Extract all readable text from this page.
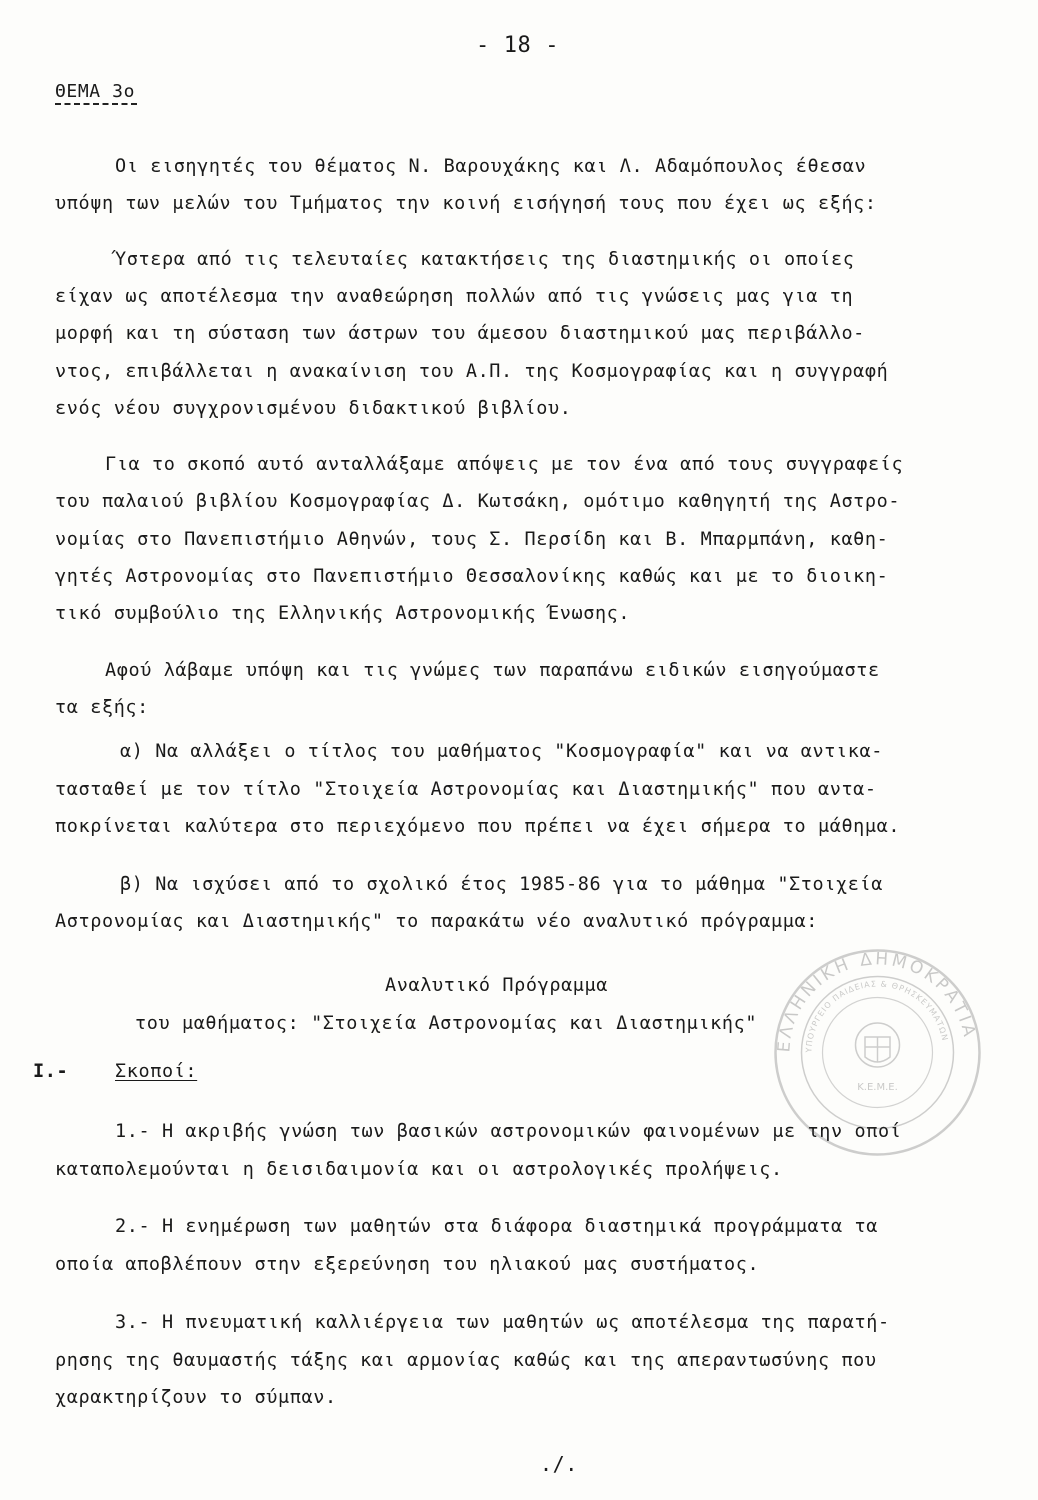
- 18 -
ΘΕΜΑ 3ο
Οι εισηγητές του θέματος Ν. Βαρουχάκης και Λ. Αδαμόπουλος έθεσαν
υπόψη των μελών του Τμήματος την κοινή εισήγησή τους που έχει ως εξής:
Ύστερα από τις τελευταίες κατακτήσεις της διαστημικής οι οποίες
είχαν ως αποτέλεσμα την αναθεώρηση πολλών από τις γνώσεις μας για τη
μορφή και τη σύσταση των άστρων του άμεσου διαστημικού μας περιβάλλο-
ντος, επιβάλλεται η ανακαίνιση του Α.Π. της Κοσμογραφίας και η συγγραφή
ενός νέου συγχρονισμένου διδακτικού βιβλίου.
Για το σκοπό αυτό ανταλλάξαμε απόψεις με τον ένα από τους συγγραφείς
του παλαιού βιβλίου Κοσμογραφίας Δ. Κωτσάκη, ομότιμο καθηγητή της Αστρο-
νομίας στο Πανεπιστήμιο Αθηνών, τους Σ. Περσίδη και Β. Μπαρμπάνη, καθη-
γητές Αστρονομίας στο Πανεπιστήμιο Θεσσαλονίκης καθώς και με το διοικη-
τικό συμβούλιο της Ελληνικής Αστρονομικής Ένωσης.
Αφού λάβαμε υπόψη και τις γνώμες των παραπάνω ειδικών εισηγούμαστε
τα εξής:
α) Να αλλάξει ο τίτλος του μαθήματος "Κοσμογραφία" και να αντικα-
τασταθεί με τον τίτλο "Στοιχεία Αστρονομίας και Διαστημικής" που αντα-
ποκρίνεται καλύτερα στο περιεχόμενο που πρέπει να έχει σήμερα το μάθημα.
β) Να ισχύσει από το σχολικό έτος 1985-86 για το μάθημα "Στοιχεία
Αστρονομίας και Διαστημικής" το παρακάτω νέο αναλυτικό πρόγραμμα:
Αναλυτικό Πρόγραμμα
του μαθήματος: "Στοιχεία Αστρονομίας και Διαστημικής"
Ι.-	Σκοποί:
1.- Η ακριβής γνώση των βασικών αστρονομικών φαινομένων με την οποί
καταπολεμούνται η δεισιδαιμονία και οι αστρολογικές προλήψεις.
2.- Η ενημέρωση των μαθητών στα διάφορα διαστημικά προγράμματα τα
οποία αποβλέπουν στην εξερεύνηση του ηλιακού μας συστήματος.
3.- Η πνευματική καλλιέργεια των μαθητών ως αποτέλεσμα της παρατή-
ρησης της θαυμαστής τάξης και αρμονίας καθώς και της απεραντωσύνης που
χαρακτηρίζουν το σύμπαν.
./.
ΕΛΛΗΝΙΚΗ ΔΗΜΟΚΡΑΤΙΑ
ΥΠΟΥΡΓΕΙΟ ΠΑΙΔΕΙΑΣ & ΘΡΗΣΚΕΥΜΑΤΩΝ
Κ.Ε.Μ.Ε.
